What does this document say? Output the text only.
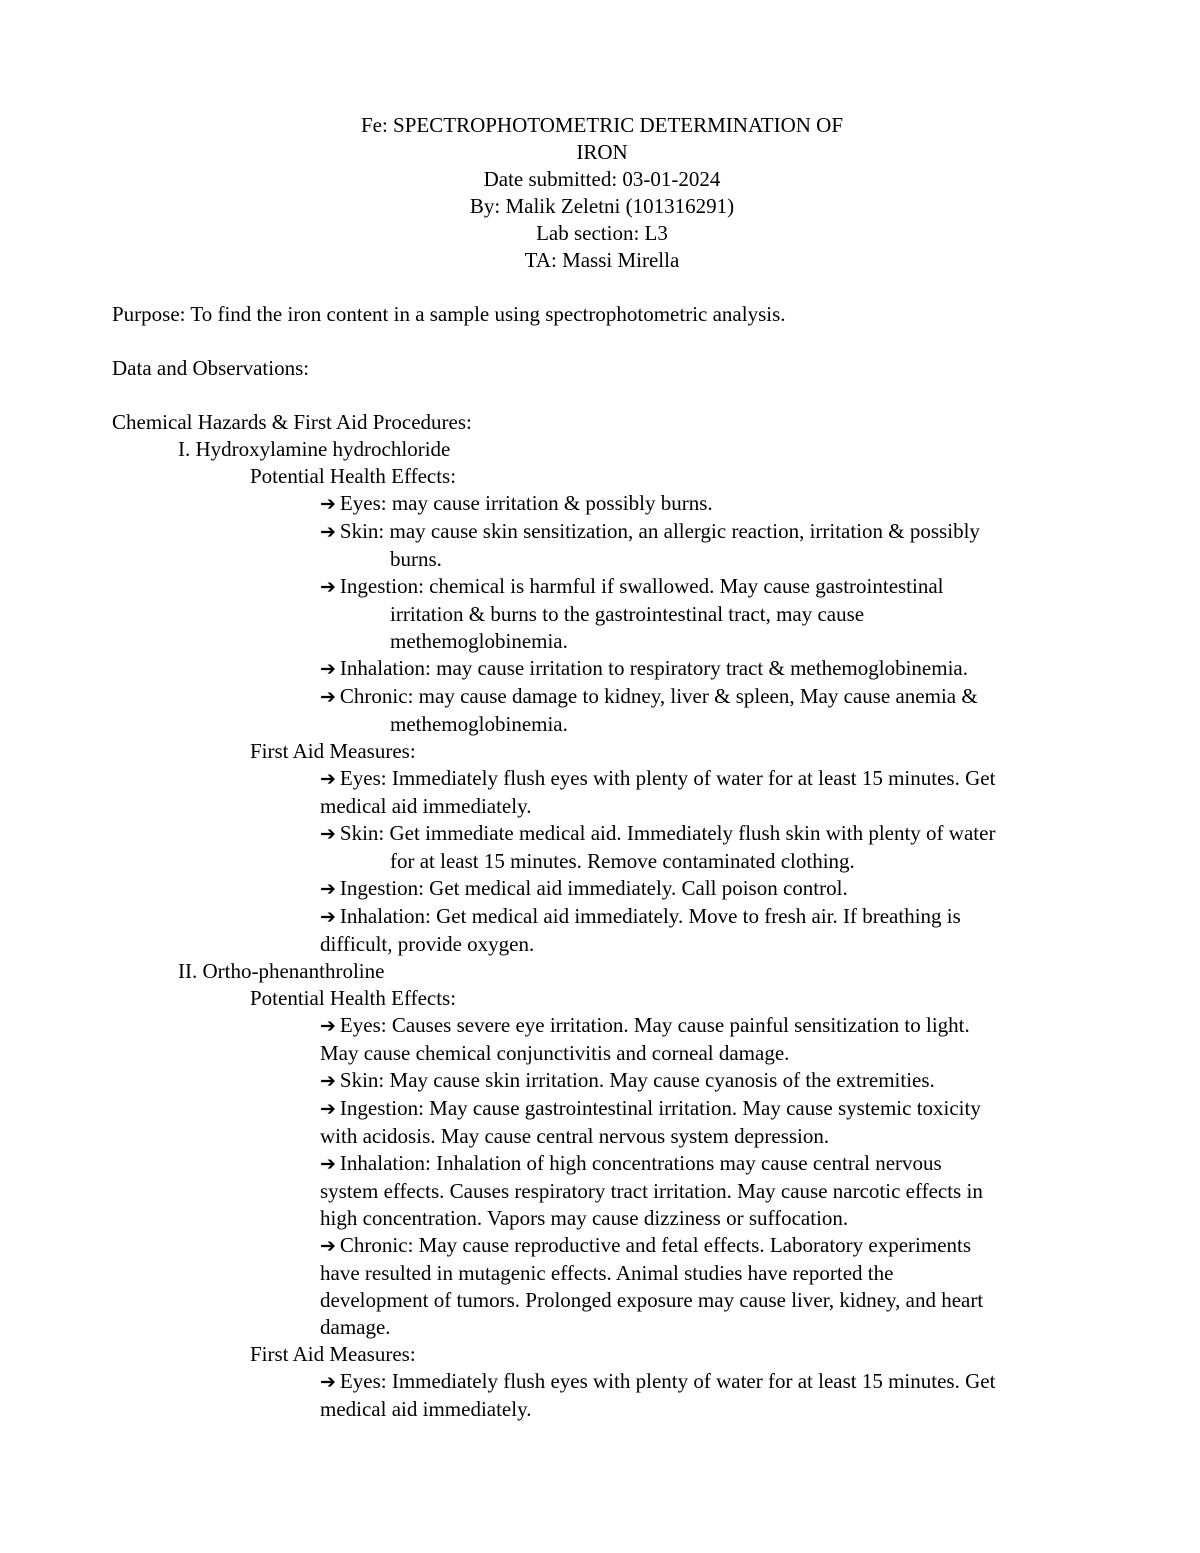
Fe: SPECTROPHOTOMETRIC DETERMINATION OF
IRON
Date submitted: 03-01-2024
By: Malik Zeletni (101316291)
Lab section: L3
TA: Massi Mirella
Purpose: To find the iron content in a sample using spectrophotometric analysis.
Data and Observations:
Chemical Hazards & First Aid Procedures:
I. Hydroxylamine hydrochloride
Potential Health Effects:
➔ Eyes: may cause irritation & possibly burns.
➔ Skin: may cause skin sensitization, an allergic reaction, irritation & possibly
burns.
➔ Ingestion: chemical is harmful if swallowed. May cause gastrointestinal
irritation & burns to the gastrointestinal tract, may cause
methemoglobinemia.
➔ Inhalation: may cause irritation to respiratory tract & methemoglobinemia.
➔ Chronic: may cause damage to kidney, liver & spleen, May cause anemia &
methemoglobinemia.
First Aid Measures:
➔ Eyes: Immediately flush eyes with plenty of water for at least 15 minutes. Get
medical aid immediately.
➔ Skin: Get immediate medical aid. Immediately flush skin with plenty of water
for at least 15 minutes. Remove contaminated clothing.
➔ Ingestion: Get medical aid immediately. Call poison control.
➔ Inhalation: Get medical aid immediately. Move to fresh air. If breathing is
difficult, provide oxygen.
II. Ortho-phenanthroline
Potential Health Effects:
➔ Eyes: Causes severe eye irritation. May cause painful sensitization to light.
May cause chemical conjunctivitis and corneal damage.
➔ Skin: May cause skin irritation. May cause cyanosis of the extremities.
➔ Ingestion: May cause gastrointestinal irritation. May cause systemic toxicity
with acidosis. May cause central nervous system depression.
➔ Inhalation: Inhalation of high concentrations may cause central nervous
system effects. Causes respiratory tract irritation. May cause narcotic effects in
high concentration. Vapors may cause dizziness or suffocation.
➔ Chronic: May cause reproductive and fetal effects. Laboratory experiments
have resulted in mutagenic effects. Animal studies have reported the
development of tumors. Prolonged exposure may cause liver, kidney, and heart
damage.
First Aid Measures:
➔ Eyes: Immediately flush eyes with plenty of water for at least 15 minutes. Get
medical aid immediately.
